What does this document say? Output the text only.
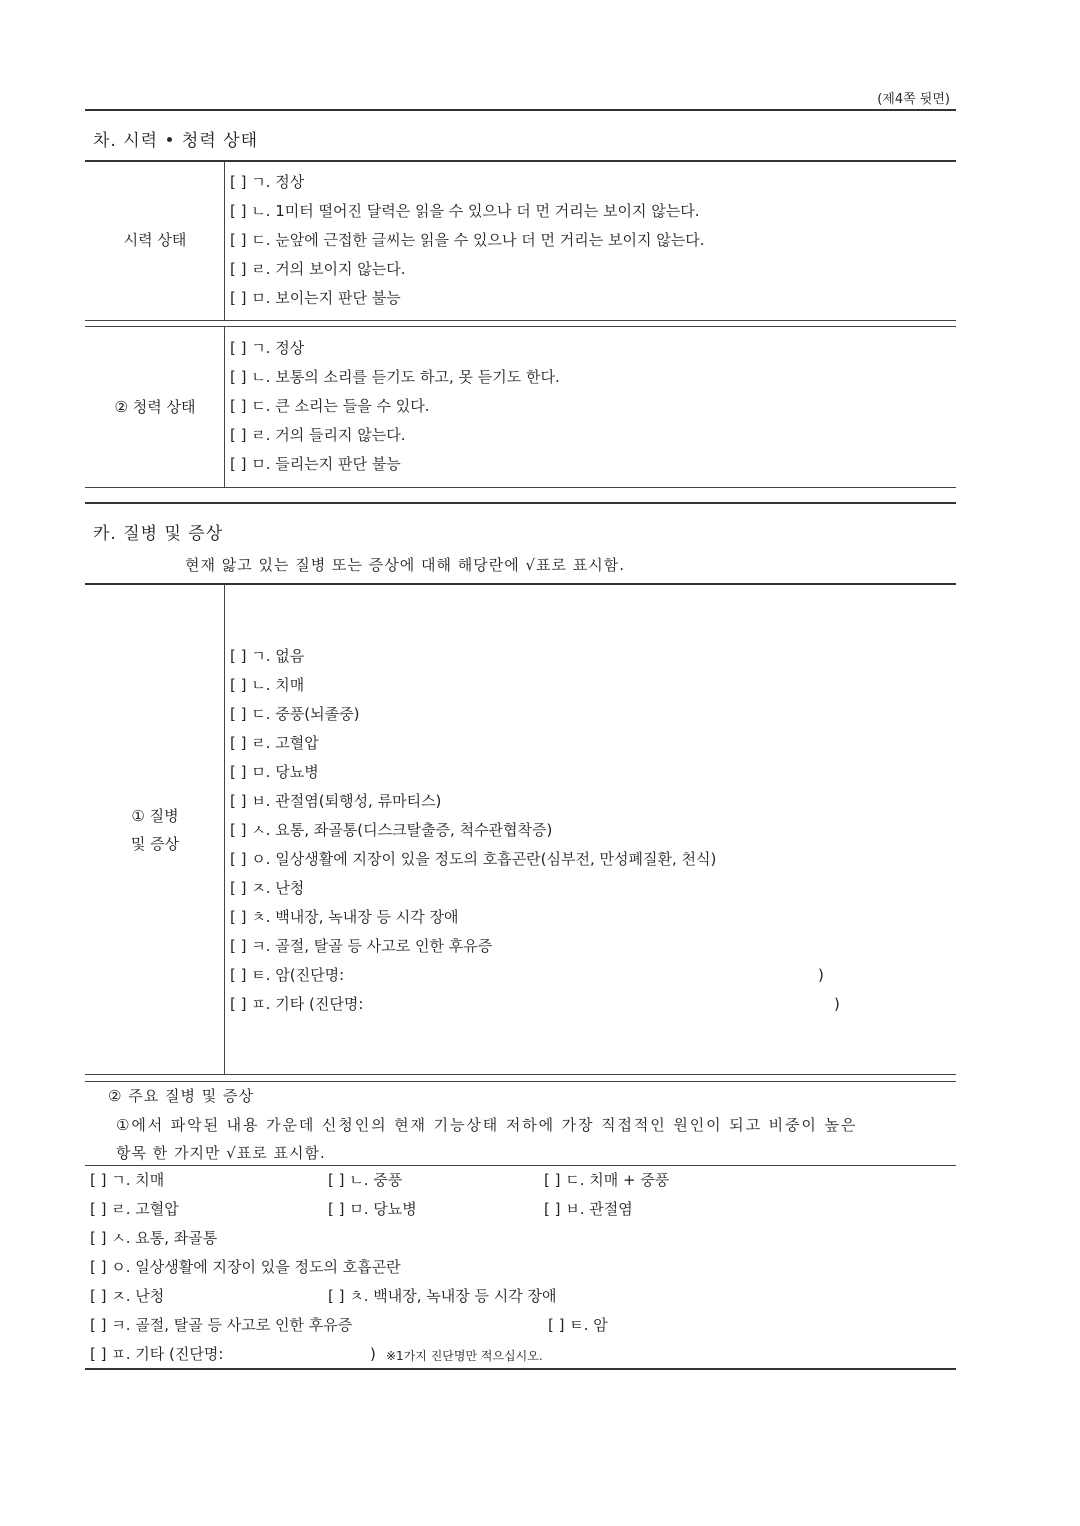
(제4쪽 뒷면)
차. 시력 • 청력 상태
시력 상태
[ ] ㄱ. 정상
[ ] ㄴ. 1미터 떨어진 달력은 읽을 수 있으나 더 먼 거리는 보이지 않는다.
[ ] ㄷ. 눈앞에 근접한 글씨는 읽을 수 있으나 더 먼 거리는 보이지 않는다.
[ ] ㄹ. 거의 보이지 않는다.
[ ] ㅁ. 보이는지 판단 불능
② 청력 상태
[ ] ㄱ. 정상
[ ] ㄴ. 보통의 소리를 듣기도 하고, 못 듣기도 한다.
[ ] ㄷ. 큰 소리는 들을 수 있다.
[ ] ㄹ. 거의 들리지 않는다.
[ ] ㅁ. 들리는지 판단 불능
카. 질병 및 증상
현재 앓고 있는 질병 또는 증상에 대해 해당란에 √표로 표시함.
① 질병
및 증상
[ ] ㄱ. 없음
[ ] ㄴ. 치매
[ ] ㄷ. 중풍(뇌졸중)
[ ] ㄹ. 고혈압
[ ] ㅁ. 당뇨병
[ ] ㅂ. 관절염(퇴행성, 류마티스)
[ ] ㅅ. 요통, 좌골통(디스크탈출증, 척수관협착증)
[ ] ㅇ. 일상생활에 지장이 있을 정도의 호흡곤란(심부전, 만성폐질환, 천식)
[ ] ㅈ. 난청
[ ] ㅊ. 백내장, 녹내장 등 시각 장애
[ ] ㅋ. 골절, 탈골 등 사고로 인한 후유증
[ ] ㅌ. 암(진단명:	)
[ ] ㅍ. 기타 (진단명:	)
② 주요 질병 및 증상
①에서 파악된 내용 가운데 신청인의 현재 기능상태 저하에 가장 직접적인 원인이 되고 비중이 높은
항목 한 가지만 √표로 표시함.
[ ] ㄱ. 치매	[ ] ㄴ. 중풍	[ ] ㄷ. 치매 + 중풍
[ ] ㄹ. 고혈압	[ ] ㅁ. 당뇨병	[ ] ㅂ. 관절염
[ ] ㅅ. 요통, 좌골통
[ ] ㅇ. 일상생활에 지장이 있을 정도의 호흡곤란
[ ] ㅈ. 난청	[ ] ㅊ. 백내장, 녹내장 등 시각 장애
[ ] ㅋ. 골절, 탈골 등 사고로 인한 후유증	[ ] ㅌ. 암
[ ] ㅍ. 기타 (진단명:	) ※1가지 진단명만 적으십시오.
